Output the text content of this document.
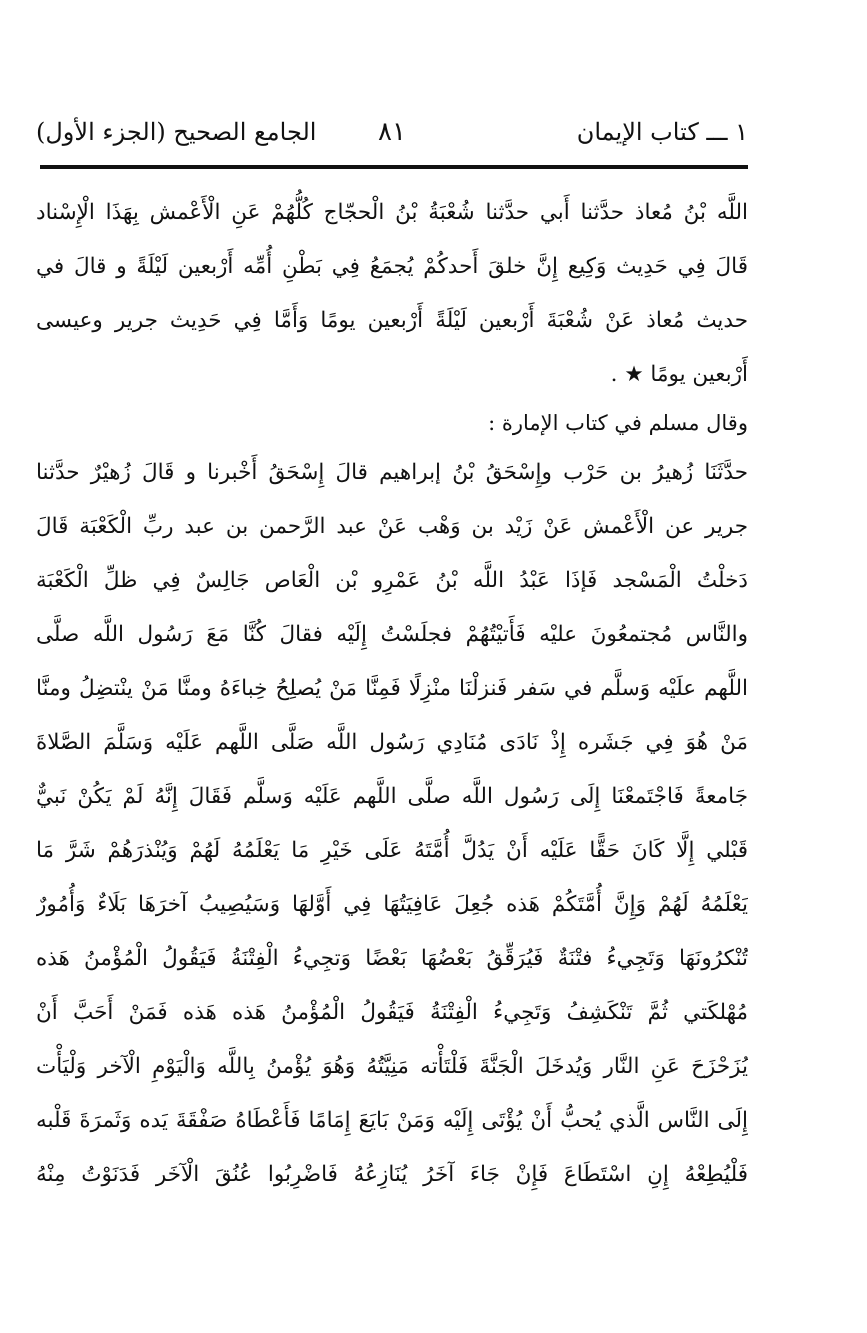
١ ـــ كتاب الإيمان
٨١
الجامع الصحيح (الجزء الأول)
اللَّه بْنُ مُعاذ حدَّثنا أَبي حدَّثنا شُعْبَةُ بْنُ الْحجّاج كُلُّهُمْ عَنِ الْأَعْمش بِهَذَا الْإِسْناد
قَالَ فِي حَدِيث وَكِيع إِنَّ خلقَ أَحدكُمْ يُجمَعُ فِي بَطْنِ أُمِّه أَرْبعين لَيْلَةً و قالَ في
حديث مُعاذ عَنْ شُعْبَةَ أَرْبعين لَيْلَةً أَرْبعين يومًا وَأَمَّا فِي حَدِيث جرير وعيسى
أَرْبعين يومًا ★ .
وقال مسلم في كتاب الإمارة :
حدَّثَنَا زُهيرُ بن حَرْب وإِسْحَقُ بْنُ إبراهيم قالَ إِسْحَقُ أَخْبرنا و قَالَ زُهيْرٌ حدَّثنا
جرير عن الْأَعْمش عَنْ زَيْد بن وَهْب عَنْ عبد الرَّحمن بن عبد ربِّ الْكَعْبَة قَالَ
دَخلْتُ الْمَسْجد فَإذَا عَبْدُ اللَّه بْنُ عَمْرِو بْن الْعَاص جَالِسٌ فِي ظلِّ الْكَعْبَة
والنَّاس مُجتمعُونَ عليْه فَأَتيْتُهُمْ فجلَسْتُ إِلَيْه فقالَ كُنَّا مَعَ رَسُول اللَّه صلَّى
اللَّهم علَيْه وَسلَّم في سَفر فَنزلْنَا منْزِلًا فَمِنَّا مَنْ يُصلِحُ خِباءَهُ ومنَّا مَنْ ينْتضِلُ ومنَّا
مَنْ هُوَ فِي جَشَره إِذْ نَادَى مُنَادِي رَسُول اللَّه صَلَّى اللَّهم عَلَيْه وَسَلَّمَ الصَّلاةَ
جَامعةً فَاجْتَمعْنَا إِلَى رَسُول اللَّه صلَّى اللَّهم عَلَيْه وَسلَّم فَقَالَ إِنَّهُ لَمْ يَكُنْ نَبيٌّ
قَبْلي إِلَّا كَانَ حَقًّا عَلَيْه أَنْ يَدُلَّ أُمَّتَهُ عَلَى خَيْرِ مَا يَعْلَمُهُ لَهُمْ وَيُنْذرَهُمْ شَرَّ مَا
يَعْلَمُهُ لَهُمْ وَإِنَّ أُمَّتَكُمْ هَذه جُعِلَ عَافِيَتُهَا فِي أَوَّلهَا وَسَيُصِيبُ آخرَهَا بَلَاءٌ وَأُمُورٌ
تُنْكرُونَهَا وَتَجِيءُ فتْنَةٌ فَيُرَقِّقُ بَعْضُهَا بَعْضًا وَتجِيءُ الْفِتْنَةُ فَيَقُولُ الْمُؤْمنُ هَذه
مُهْلكَتي ثُمَّ تَنْكَشِفُ وَتَجِيءُ الْفِتْنَةُ فَيَقُولُ الْمُؤْمنُ هَذه هَذه فَمَنْ أَحَبَّ أَنْ
يُزَحْزَحَ عَنِ النَّار وَيُدخَلَ الْجَنَّةَ فَلْتَأْته مَنِيَّتُهُ وَهُوَ يُؤْمنُ بِاللَّه وَالْيَوْمِ الْآخر وَلْيَأْت
إِلَى النَّاس الَّذي يُحبُّ أَنْ يُؤْتَى إِلَيْه وَمَنْ بَايَعَ إِمَامًا فَأَعْطَاهُ صَفْقَةَ يَده وَثَمرَةَ قَلْبه
فَلْيُطِعْهُ إِنِ اسْتَطَاعَ فَإِنْ جَاءَ آخَرُ يُنَازِعُهُ فَاضْرِبُوا عُنُقَ الْآخَر فَدَنَوْتُ مِنْهُ
